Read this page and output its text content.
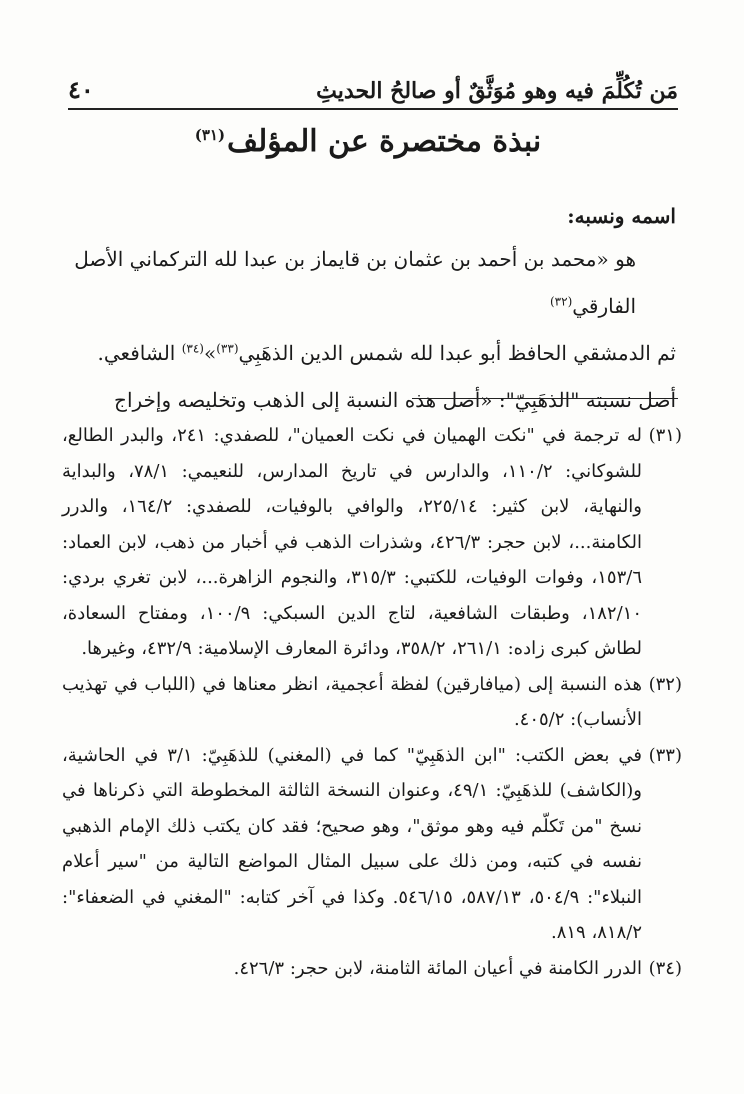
مَن تُكُلِّمَ فيه وهو مُوَثَّقٌ أو صالحُ الحديثِ
٤٠
نبذة مختصرة عن المؤلف$^{(٣١)}$

اسمه ونسبه:

هو «محمد بن أحمد بن عثمان بن قايماز بن عبدا لله التركماني الأصل الفارقي$^{(٣٢)}$

ثم الدمشقي الحافظ أبو عبدا لله شمس الدين الذهَبِي$^{(٣٣)}$»$^{(٣٤)}$ الشافعي.

أصل نسبته "الذهَبِيّ": «أصل هذه النسبة إلى الذهب وتخليصه وإخراج

(٣١)له ترجمة في "نكت الهميان في نكت العميان"، للصفدي: ٢٤١، والبدر الطالع، للشوكاني: ١١٠/٢، والدارس في تاريخ المدارس، للنعيمي: ٧٨/١، والبداية والنهاية، لابن كثير: ٢٢٥/١٤، والوافي بالوفيات، للصفدي: ١٦٤/٢، والدرر الكامنة...، لابن حجر: ٤٢٦/٣، وشذرات الذهب في أخبار من ذهب، لابن العماد: ١٥٣/٦، وفوات الوفيات، للكتبي: ٣١٥/٣، والنجوم الزاهرة...، لابن تغري بردي: ١٨٢/١٠، وطبقات الشافعية، لتاج الدين السبكي: ١٠٠/٩، ومفتاح السعادة، لطاش كبرى زاده: ٢٦١/١، ٣٥٨/٢، ودائرة المعارف الإسلامية: ٤٣٢/٩، وغيرها.

(٣٢)هذه النسبة إلى (ميافارقين) لفظة أعجمية، انظر معناها في (اللباب في تهذيب الأنساب): ٤٠٥/٢.

(٣٣)في بعض الكتب: "ابن الذهَبِيّ" كما في (المغني) للذهَبِيّ: ٣/١ في الحاشية، و(الكاشف) للذهَبِيّ: ٤٩/١، وعنوان النسخة الثالثة المخطوطة التي ذكرناها في نسخ "من تَكلّم فيه وهو موثق"، وهو صحيح؛ فقد كان يكتب ذلك الإمام الذهبي نفسه في كتبه، ومن ذلك على سبيل المثال المواضع التالية من "سير أعلام النبلاء": ٥٠٤/٩، ٥٨٧/١٣، ٥٤٦/١٥. وكذا في آخر كتابه: "المغني في الضعفاء": ٨١٨/٢، ٨١٩.

(٣٤)الدرر الكامنة في أعيان المائة الثامنة، لابن حجر: ٤٢٦/٣.
